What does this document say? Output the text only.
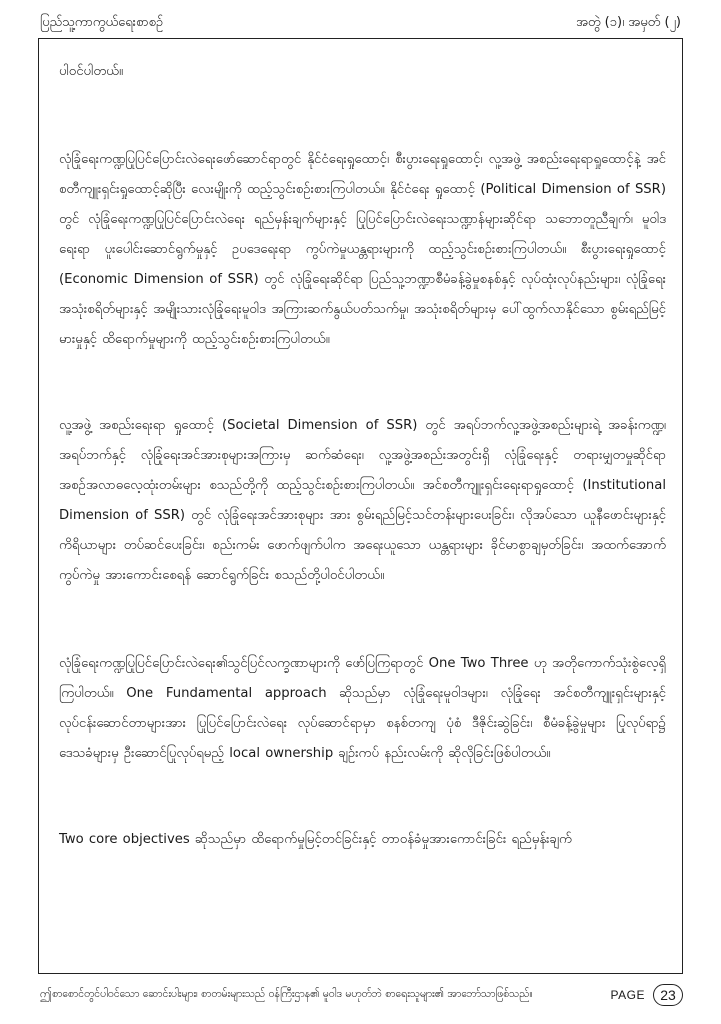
ပြည်သူ့ကာကွယ်ရေးစာစဉ်	အတွဲ (၁)၊ အမှတ် (၂)

ပါဝင်ပါတယ်။

လုံခြုံရေးကဏ္ဍပြုပြင်ပြောင်းလဲရေးဖော်ဆောင်ရာတွင် နိုင်ငံရေးရှုထောင့်၊ စီးပွားရေးရှုထောင့်၊ လူ့အဖွဲ့ အစည်းရေးရာရှုထောင့်နဲ့ အင်စတီကျူးရှင်းရှုထောင့်ဆိုပြီး လေးမျိုးကို ထည့်သွင်းစဉ်းစားကြပါတယ်။ နိုင်ငံရေး ရှုထောင့် (Political Dimension of SSR) တွင် လုံခြုံရေးကဏ္ဍပြုပြင်ပြောင်းလဲရေး ရည်မှန်းချက်များနှင့် ပြုပြင်ပြောင်းလဲရေးသဏ္ဍာန်များဆိုင်ရာ သဘောတူညီချက်၊ မူဝါဒရေးရာ ပူးပေါင်းဆောင်ရွက်မှုနှင့် ဥပဒေရေးရာ ကွပ်ကဲမှုယန္တရားများကို ထည့်သွင်းစဉ်းစားကြပါတယ်။ စီးပွားရေးရှုထောင့် (Economic Dimension of SSR) တွင် လုံခြုံရေးဆိုင်ရာ ပြည်သူ့ဘဏ္ဍာစီမံခန့်ခွဲမှုစနစ်နှင့် လုပ်ထုံးလုပ်နည်းများ၊ လုံခြုံရေးအသုံးစရိတ်များနှင့် အမျိုးသားလုံခြုံရေးမူဝါဒ အကြားဆက်နွယ်ပတ်သက်မှု၊ အသုံးစရိတ်များမှ ပေါ်ထွက်လာနိုင်သော စွမ်းရည်မြင့်မားမှုနှင့် ထိရောက်မှုများကို ထည့်သွင်းစဉ်းစားကြပါတယ်။

လူ့အဖွဲ့ အစည်းရေးရာ ရှုထောင့် (Societal Dimension of SSR) တွင် အရပ်ဘက်လူ့အဖွဲ့အစည်းများရဲ့ အခန်းကဏ္ဍ၊ အရပ်ဘက်နှင့် လုံခြုံရေးအင်အားစုများအကြားမှ ဆက်ဆံရေး၊ လူ့အဖွဲ့အစည်းအတွင်းရှိ လုံခြုံရေးနှင့် တရားမျှတမှုဆိုင်ရာ အစဉ်အလာဓလေ့ထုံးတမ်းများ စသည်တို့ကို ထည့်သွင်းစဉ်းစားကြပါတယ်။ အင်စတီကျူးရှင်းရေးရာရှုထောင့် (Institutional Dimension of SSR) တွင် လုံခြုံရေးအင်အားစုများ အား စွမ်းရည်မြင့်သင်တန်းများပေးခြင်း၊ လိုအပ်သော ယူနီဖောင်းများနှင့် ကိရိယာများ တပ်ဆင်ပေးခြင်း၊ စည်းကမ်း ဖောက်ဖျက်ပါက အရေးယူသော ယန္တရားများ ခိုင်မာစွာချမှတ်ခြင်း၊ အထက်အောက်ကွပ်ကဲမှု အားကောင်းစေရန် ဆောင်ရွက်ခြင်း စသည်တို့ပါဝင်ပါတယ်။

လုံခြုံရေးကဏ္ဍပြုပြင်ပြောင်းလဲရေး၏သွင်ပြင်လက္ခဏာများကို ဖော်ပြကြရာတွင် One Two Three ဟု အတိုကောက်သုံးစွဲလေ့ရှိကြပါတယ်။ One Fundamental approach ဆိုသည်မှာ လုံခြုံရေးမူဝါဒများ၊ လုံခြုံရေး အင်စတီကျူးရှင်းများနှင့် လုပ်ငန်းဆောင်တာများအား ပြုပြင်ပြောင်းလဲရေး လုပ်ဆောင်ရာမှာ စနစ်တကျ ပုံစံ ဒီဇိုင်းဆွဲခြင်း၊ စီမံခန့်ခွဲမှုများ ပြုလုပ်ရာ၌ ဒေသခံများမှ ဦးဆောင်ပြုလုပ်ရမည့် local ownership ချဉ်းကပ် နည်းလမ်းကို ဆိုလိုခြင်းဖြစ်ပါတယ်။

Two core objectives ဆိုသည်မှာ ထိရောက်မှုမြင့်တင်ခြင်းနှင့် တာဝန်ခံမှုအားကောင်းခြင်း ရည်မှန်းချက်

ဤစာစောင်တွင်ပါဝင်သော ဆောင်းပါးများ၊ စာတမ်းများသည် ဝန်ကြီးဌာန၏ မူဝါဒ မဟုတ်ဘဲ စာရေးသူများ၏ အာဘော်သာဖြစ်သည်။	PAGE	23
